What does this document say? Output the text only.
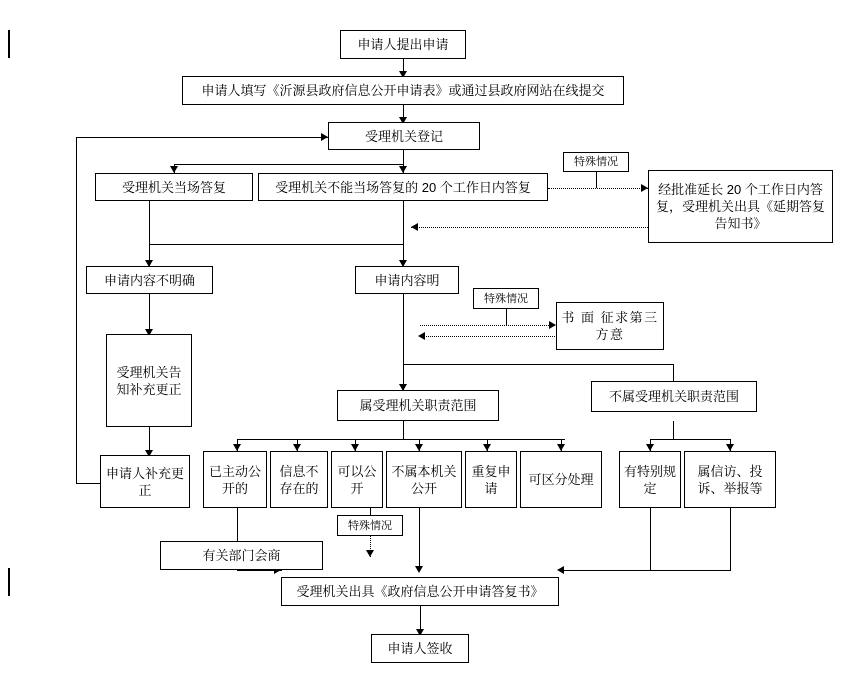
申请人提出申请
申请人填写《沂源县政府信息公开申请表》或通过县政府网站在线提交
受理机关登记
受理机关当场答复	受理机关不能当场答复的 20 个工作日内答复
特殊情况
经批准延长 20 个工作日内答复，受理机关出具《延期答复告知书》
申请内容不明确	申请内容明
特殊情况
书 面 征求第三方意
受理机关告知补充更正
属受理机关职责范围
不属受理机关职责范围
申请人补充更正
已主动公开的
信息不存在的
可以公开
不属本机关公开
重复申请
可区分处理
有特别规定
属信访、投诉、举报等
特殊情况
有关部门会商
受理机关出具《政府信息公开申请答复书》
申请人签收
